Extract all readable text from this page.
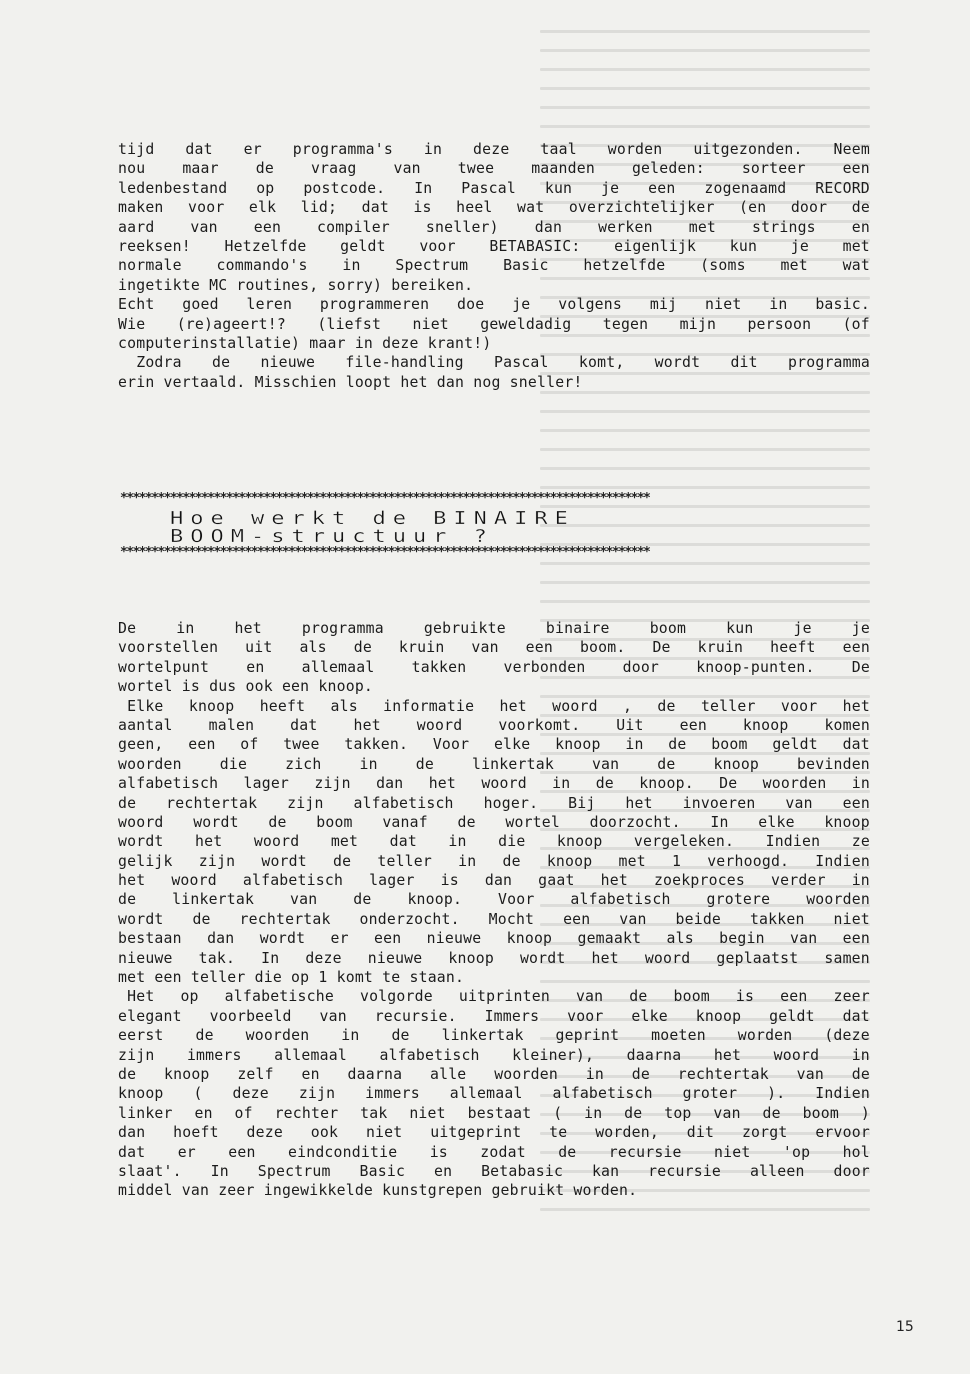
tijd dat er programma's in deze taal worden uitgezonden. Neem
nou maar de vraag van twee maanden geleden: sorteer een
ledenbestand op postcode. In Pascal kun je een zogenaamd RECORD
maken voor elk lid; dat is heel wat overzichtelijker (en door de
aard van een compiler sneller) dan werken met strings en
reeksen! Hetzelfde geldt voor BETABASIC: eigenlijk kun je met
normale commando's in Spectrum Basic hetzelfde (soms met wat
ingetikte MC routines, sorry) bereiken.
Echt goed leren programmeren doe je volgens mij niet in basic.
Wie (re)ageert!? (liefst niet geweldadig tegen mijn persoon (of
computerinstallatie) maar in deze krant!)
Zodra de nieuwe file-handling Pascal komt, wordt dit programma
erin vertaald. Misschien loopt het dan nog sneller!
*************************************************************************************
Hoe werkt de BINAIRE
BOOM-structuur ?
*************************************************************************************
De	in	het	programma	gebruikte	binaire	boom	kun	je	je
voorstellen uit als de kruin van een boom. De kruin heeft een
wortelpunt	en	allemaal	takken	verbonden	door	knoop-punten.	De
wortel is dus ook een knoop.
Elke knoop heeft als informatie het woord , de teller voor het
aantal malen dat het woord voorkomt. Uit een knoop komen
geen, een of twee takken. Voor elke knoop in de boom geldt dat
woorden	die	zich	in	de	linkertak	van	de	knoop	bevinden
alfabetisch lager zijn dan het woord in de knoop. De woorden in
de rechtertak zijn alfabetisch hoger. Bij het invoeren van een
woord wordt de boom vanaf de wortel doorzocht. In elke knoop
wordt het woord met dat in die knoop vergeleken. Indien ze
gelijk zijn wordt de teller in de knoop met 1 verhoogd. Indien
het woord alfabetisch lager is dan gaat het zoekproces verder in
de linkertak van de knoop. Voor alfabetisch grotere woorden
wordt de rechtertak onderzocht. Mocht een van beide takken niet
bestaan dan wordt er een nieuwe knoop gemaakt als begin van een
nieuwe tak. In deze nieuwe knoop wordt het woord geplaatst samen
met een teller die op 1 komt te staan.
Het op alfabetische volgorde uitprinten van de boom is een zeer
elegant voorbeeld van recursie. Immers voor elke knoop geldt dat
eerst de woorden in de linkertak geprint moeten worden (deze
zijn immers allemaal alfabetisch kleiner), daarna het woord in
de knoop zelf en daarna alle woorden in de rechtertak van de
knoop ( deze zijn immers allemaal alfabetisch groter ). Indien
linker en of rechter tak niet bestaat ( in de top van de boom )
dan hoeft deze ook niet uitgeprint te worden, dit zorgt ervoor
dat er een eindconditie is zodat de recursie niet 'op hol
slaat'. In Spectrum Basic en Betabasic kan recursie alleen door
middel van zeer ingewikkelde kunstgrepen gebruikt worden.
15
